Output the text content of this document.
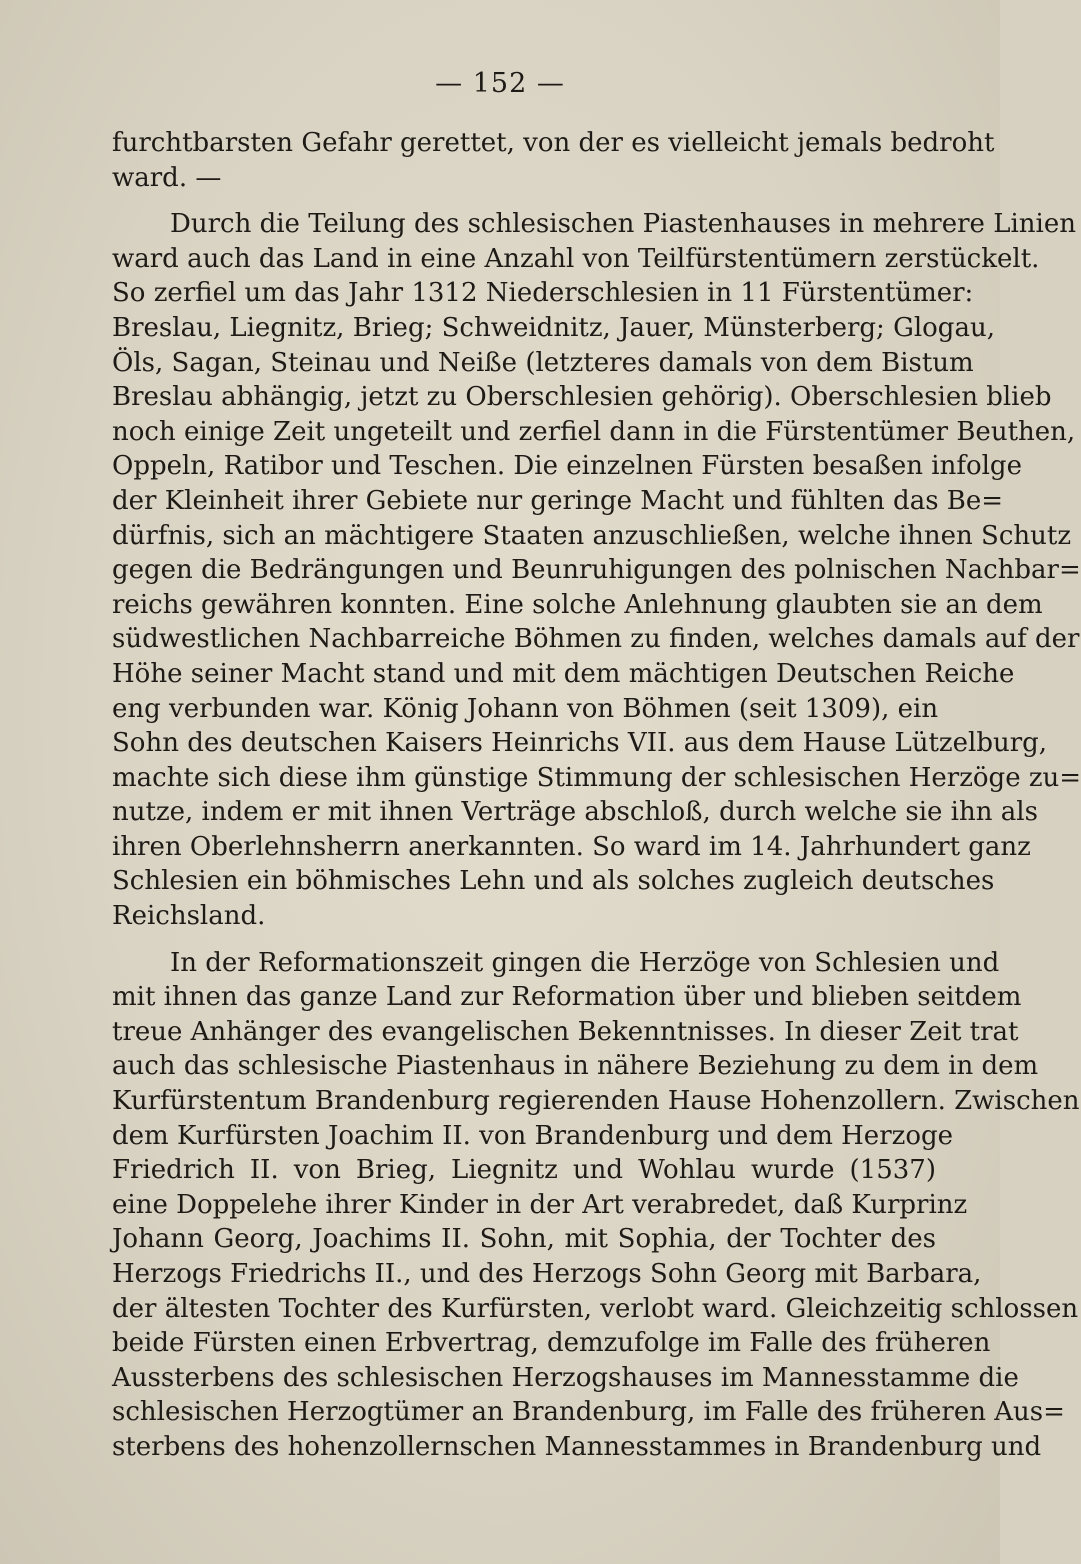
— 152 —
furchtbarsten Gefahr gerettet, von der es vielleicht jemals bedroht
ward. —
Durch die Teilung des schlesischen Piastenhauses in mehrere Linien
ward auch das Land in eine Anzahl von Teilfürstentümern zerstückelt.
So zerfiel um das Jahr 1312 Niederschlesien in 11 Fürstentümer:
Breslau, Liegnitz, Brieg; Schweidnitz, Jauer, Münsterberg; Glogau,
Öls, Sagan, Steinau und Neiße (letzteres damals von dem Bistum
Breslau abhängig, jetzt zu Oberschlesien gehörig). Oberschlesien blieb
noch einige Zeit ungeteilt und zerfiel dann in die Fürstentümer Beuthen,
Oppeln, Ratibor und Teschen. Die einzelnen Fürsten besaßen infolge
der Kleinheit ihrer Gebiete nur geringe Macht und fühlten das Be=
dürfnis, sich an mächtigere Staaten anzuschließen, welche ihnen Schutz
gegen die Bedrängungen und Beunruhigungen des polnischen Nachbar=
reichs gewähren konnten. Eine solche Anlehnung glaubten sie an dem
südwestlichen Nachbarreiche Böhmen zu finden, welches damals auf der
Höhe seiner Macht stand und mit dem mächtigen Deutschen Reiche
eng verbunden war. König Johann von Böhmen (seit 1309), ein
Sohn des deutschen Kaisers Heinrichs VII. aus dem Hause Lützelburg,
machte sich diese ihm günstige Stimmung der schlesischen Herzöge zu=
nutze, indem er mit ihnen Verträge abschloß, durch welche sie ihn als
ihren Oberlehnsherrn anerkannten. So ward im 14. Jahrhundert ganz
Schlesien ein böhmisches Lehn und als solches zugleich deutsches
Reichsland.
In der Reformationszeit gingen die Herzöge von Schlesien und
mit ihnen das ganze Land zur Reformation über und blieben seitdem
treue Anhänger des evangelischen Bekenntnisses. In dieser Zeit trat
auch das schlesische Piastenhaus in nähere Beziehung zu dem in dem
Kurfürstentum Brandenburg regierenden Hause Hohenzollern. Zwischen
dem Kurfürsten Joachim II. von Brandenburg und dem Herzoge
Friedrich II. von Brieg, Liegnitz und Wohlau wurde (1537)
eine Doppelehe ihrer Kinder in der Art verabredet, daß Kurprinz
Johann Georg, Joachims II. Sohn, mit Sophia, der Tochter des
Herzogs Friedrichs II., und des Herzogs Sohn Georg mit Barbara,
der ältesten Tochter des Kurfürsten, verlobt ward. Gleichzeitig schlossen
beide Fürsten einen Erbvertrag, demzufolge im Falle des früheren
Aussterbens des schlesischen Herzogshauses im Mannesstamme die
schlesischen Herzogtümer an Brandenburg, im Falle des früheren Aus=
sterbens des hohenzollernschen Mannesstammes in Brandenburg und
